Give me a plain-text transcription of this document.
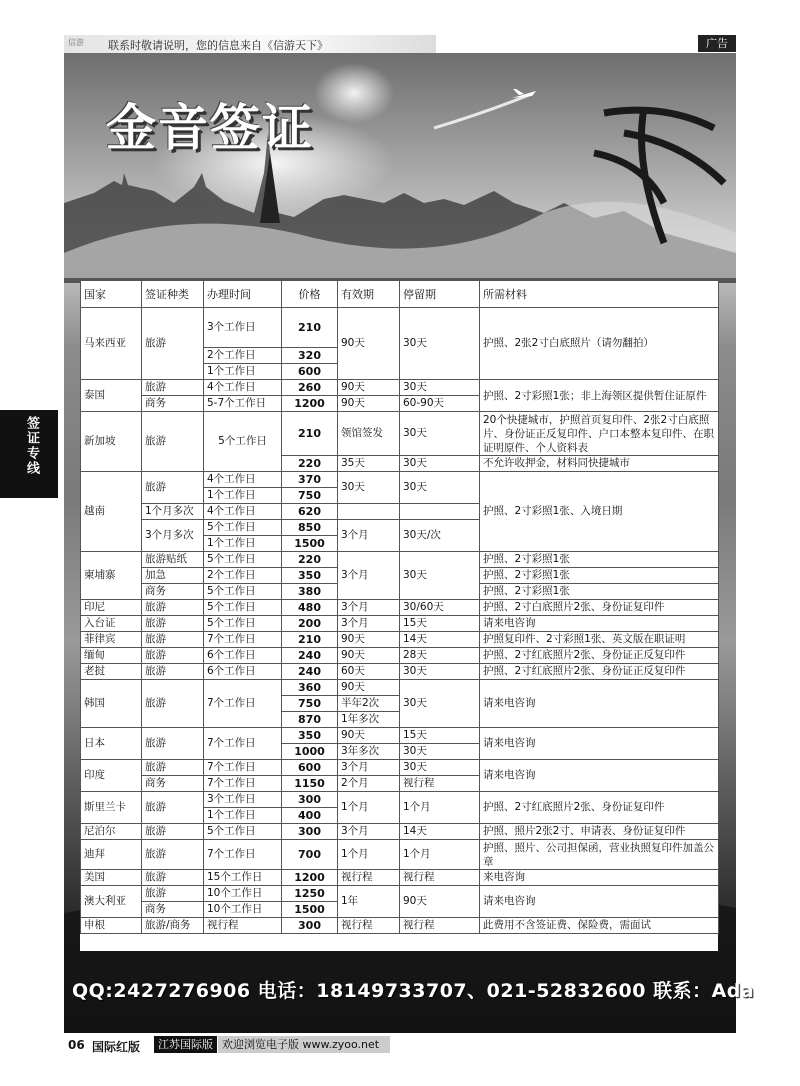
信游 联系时敬请说明，您的信息来自《信游天下》	广告
签证专线
金音签证
国家	签证种类	办理时间	价格	有效期	停留期	所需材料
马来西亚	旅游	3个工作日	210	90天	30天	护照、2张2寸白底照片（请勿翻拍）
		2个工作日	320			
		1个工作日	600			
泰国	旅游	4个工作日	260	90天	30天	护照、2寸彩照1张；非上海领区提供暂住证原件
	商务	5-7个工作日	1200	90天	60-90天	
新加坡	旅游	5个工作日	210	领馆签发	30天	20个快捷城市，护照首页复印件、2张2寸白底照片、身份证正反复印件、户口本整本复印件、在职证明原件、个人资料表
			220	35天	30天	不允许收押金，材料同快捷城市
越南	旅游	4个工作日	370	30天	30天	护照、2寸彩照1张、入境日期
		1个工作日	750			
	1个月多次	4个工作日	620			
	3个月多次	5个工作日	850	3个月	30天/次	
		1个工作日	1500			
柬埔寨	旅游贴纸	5个工作日	220	3个月	30天	护照、2寸彩照1张
	加急	2个工作日	350			护照、2寸彩照1张
	商务	5个工作日	380			护照、2寸彩照1张
印尼	旅游	5个工作日	480	3个月	30/60天	护照、2寸白底照片2张、身份证复印件
入台证	旅游	5个工作日	200	3个月	15天	请来电咨询
菲律宾	旅游	7个工作日	210	90天	14天	护照复印件、2寸彩照1张、英文版在职证明
缅甸	旅游	6个工作日	240	90天	28天	护照、2寸红底照片2张、身份证正反复印件
老挝	旅游	6个工作日	240	60天	30天	护照、2寸红底照片2张、身份证正反复印件
韩国	旅游	7个工作日	360	90天	30天	请来电咨询
			750	半年2次		
			870	1年多次		
日本	旅游	7个工作日	350	90天	15天	请来电咨询
			1000	3年多次	30天	
印度	旅游	7个工作日	600	3个月	30天	请来电咨询
	商务	7个工作日	1150	2个月	视行程	
斯里兰卡	旅游	3个工作日	300	1个月	1个月	护照、2寸红底照片2张、身份证复印件
		1个工作日	400			
尼泊尔	旅游	5个工作日	300	3个月	14天	护照、照片2张2寸、申请表、身份证复印件
迪拜	旅游	7个工作日	700	1个月	1个月	护照、照片、公司担保函，营业执照复印件加盖公章
美国	旅游	15个工作日	1200	视行程	视行程	来电咨询
澳大利亚	旅游	10个工作日	1250	1年	90天	请来电咨询
	商务	10个工作日	1500			
申根	旅游/商务	视行程	300	视行程	视行程	此费用不含签证费、保险费，需面试
QQ:2427276906 电话：18149733707、021-52832600 联系：Ada
06 国际红版	江苏国际版 欢迎浏览电子版 www.zyoo.net
